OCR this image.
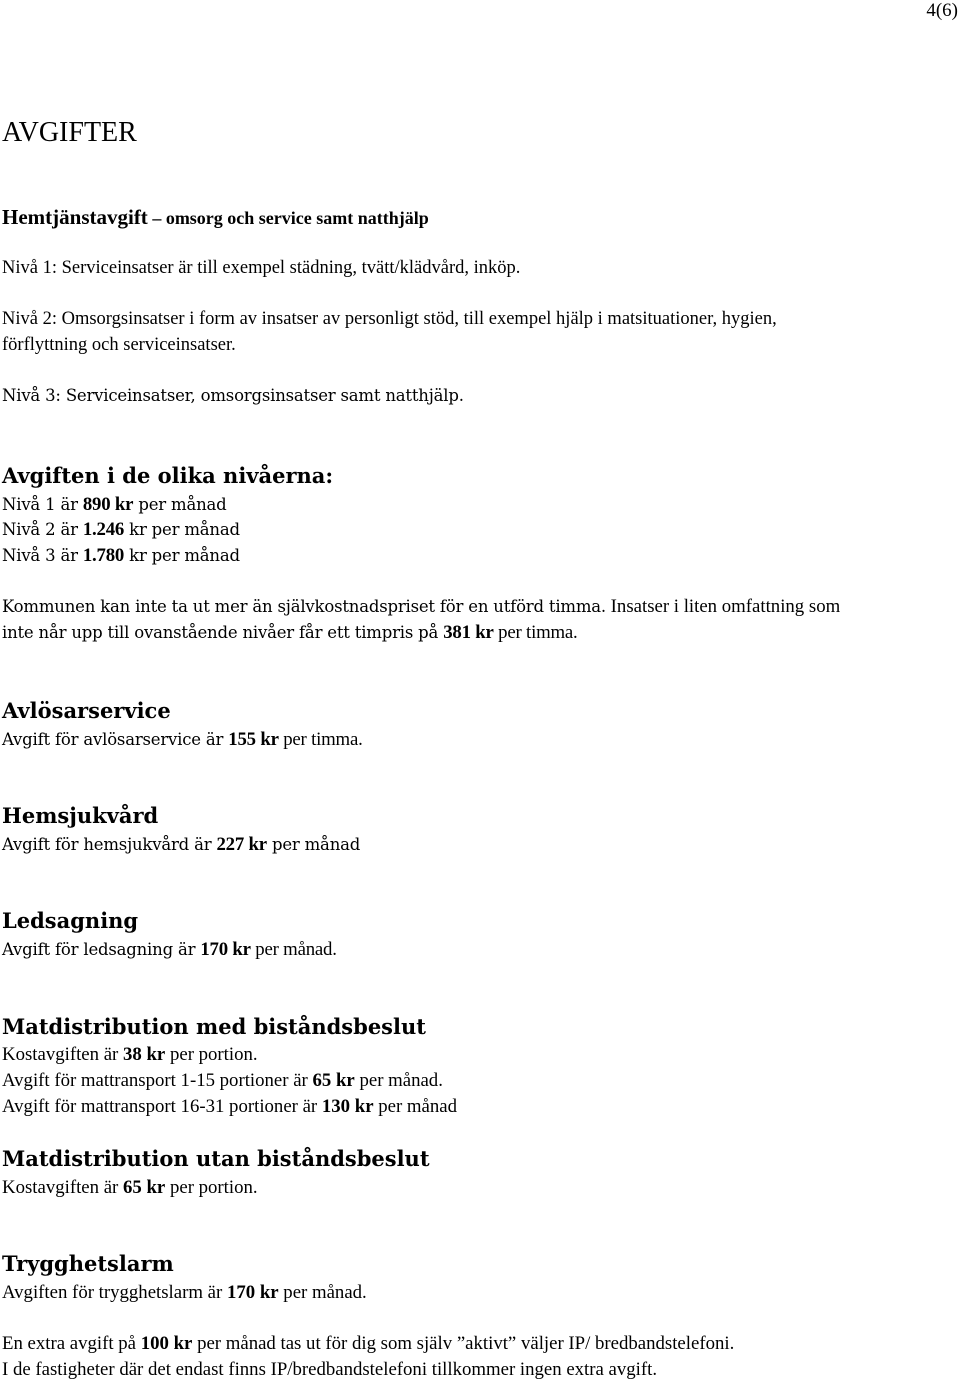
4(6)
AVGIFTER
Hemtjänstavgift – omsorg och service samt natthjälp
Nivå 1: Serviceinsatser är till exempel städning, tvätt/klädvård, inköp.
Nivå 2: Omsorgsinsatser i form av insatser av personligt stöd, till exempel hjälp i matsituationer, hygien,
förflyttning och serviceinsatser.
Nivå 3: Serviceinsatser, omsorgsinsatser samt natthjälp.
Avgiften i de olika nivåerna:
Nivå 1 är 890 kr per månad
Nivå 2 är 1.246 kr per månad
Nivå 3 är 1.780 kr per månad
Kommunen kan inte ta ut mer än självkostnadspriset för en utförd timma. Insatser i liten omfattning som
inte når upp till ovanstående nivåer får ett timpris på 381 kr per timma.
Avlösarservice
Avgift för avlösarservice är 155 kr per timma.
Hemsjukvård
Avgift för hemsjukvård är 227 kr per månad
Ledsagning
Avgift för ledsagning är 170 kr per månad.
Matdistribution med biståndsbeslut
Kostavgiften är 38 kr per portion.
Avgift för mattransport 1-15 portioner är 65 kr per månad.
Avgift för mattransport 16-31 portioner är 130 kr per månad
Matdistribution utan biståndsbeslut
Kostavgiften är 65 kr per portion.
Trygghetslarm
Avgiften för trygghetslarm är 170 kr per månad.
En extra avgift på 100 kr per månad tas ut för dig som själv ”aktivt” väljer IP/ bredbandstelefoni.
I de fastigheter där det endast finns IP/bredbandstelefoni tillkommer ingen extra avgift.
